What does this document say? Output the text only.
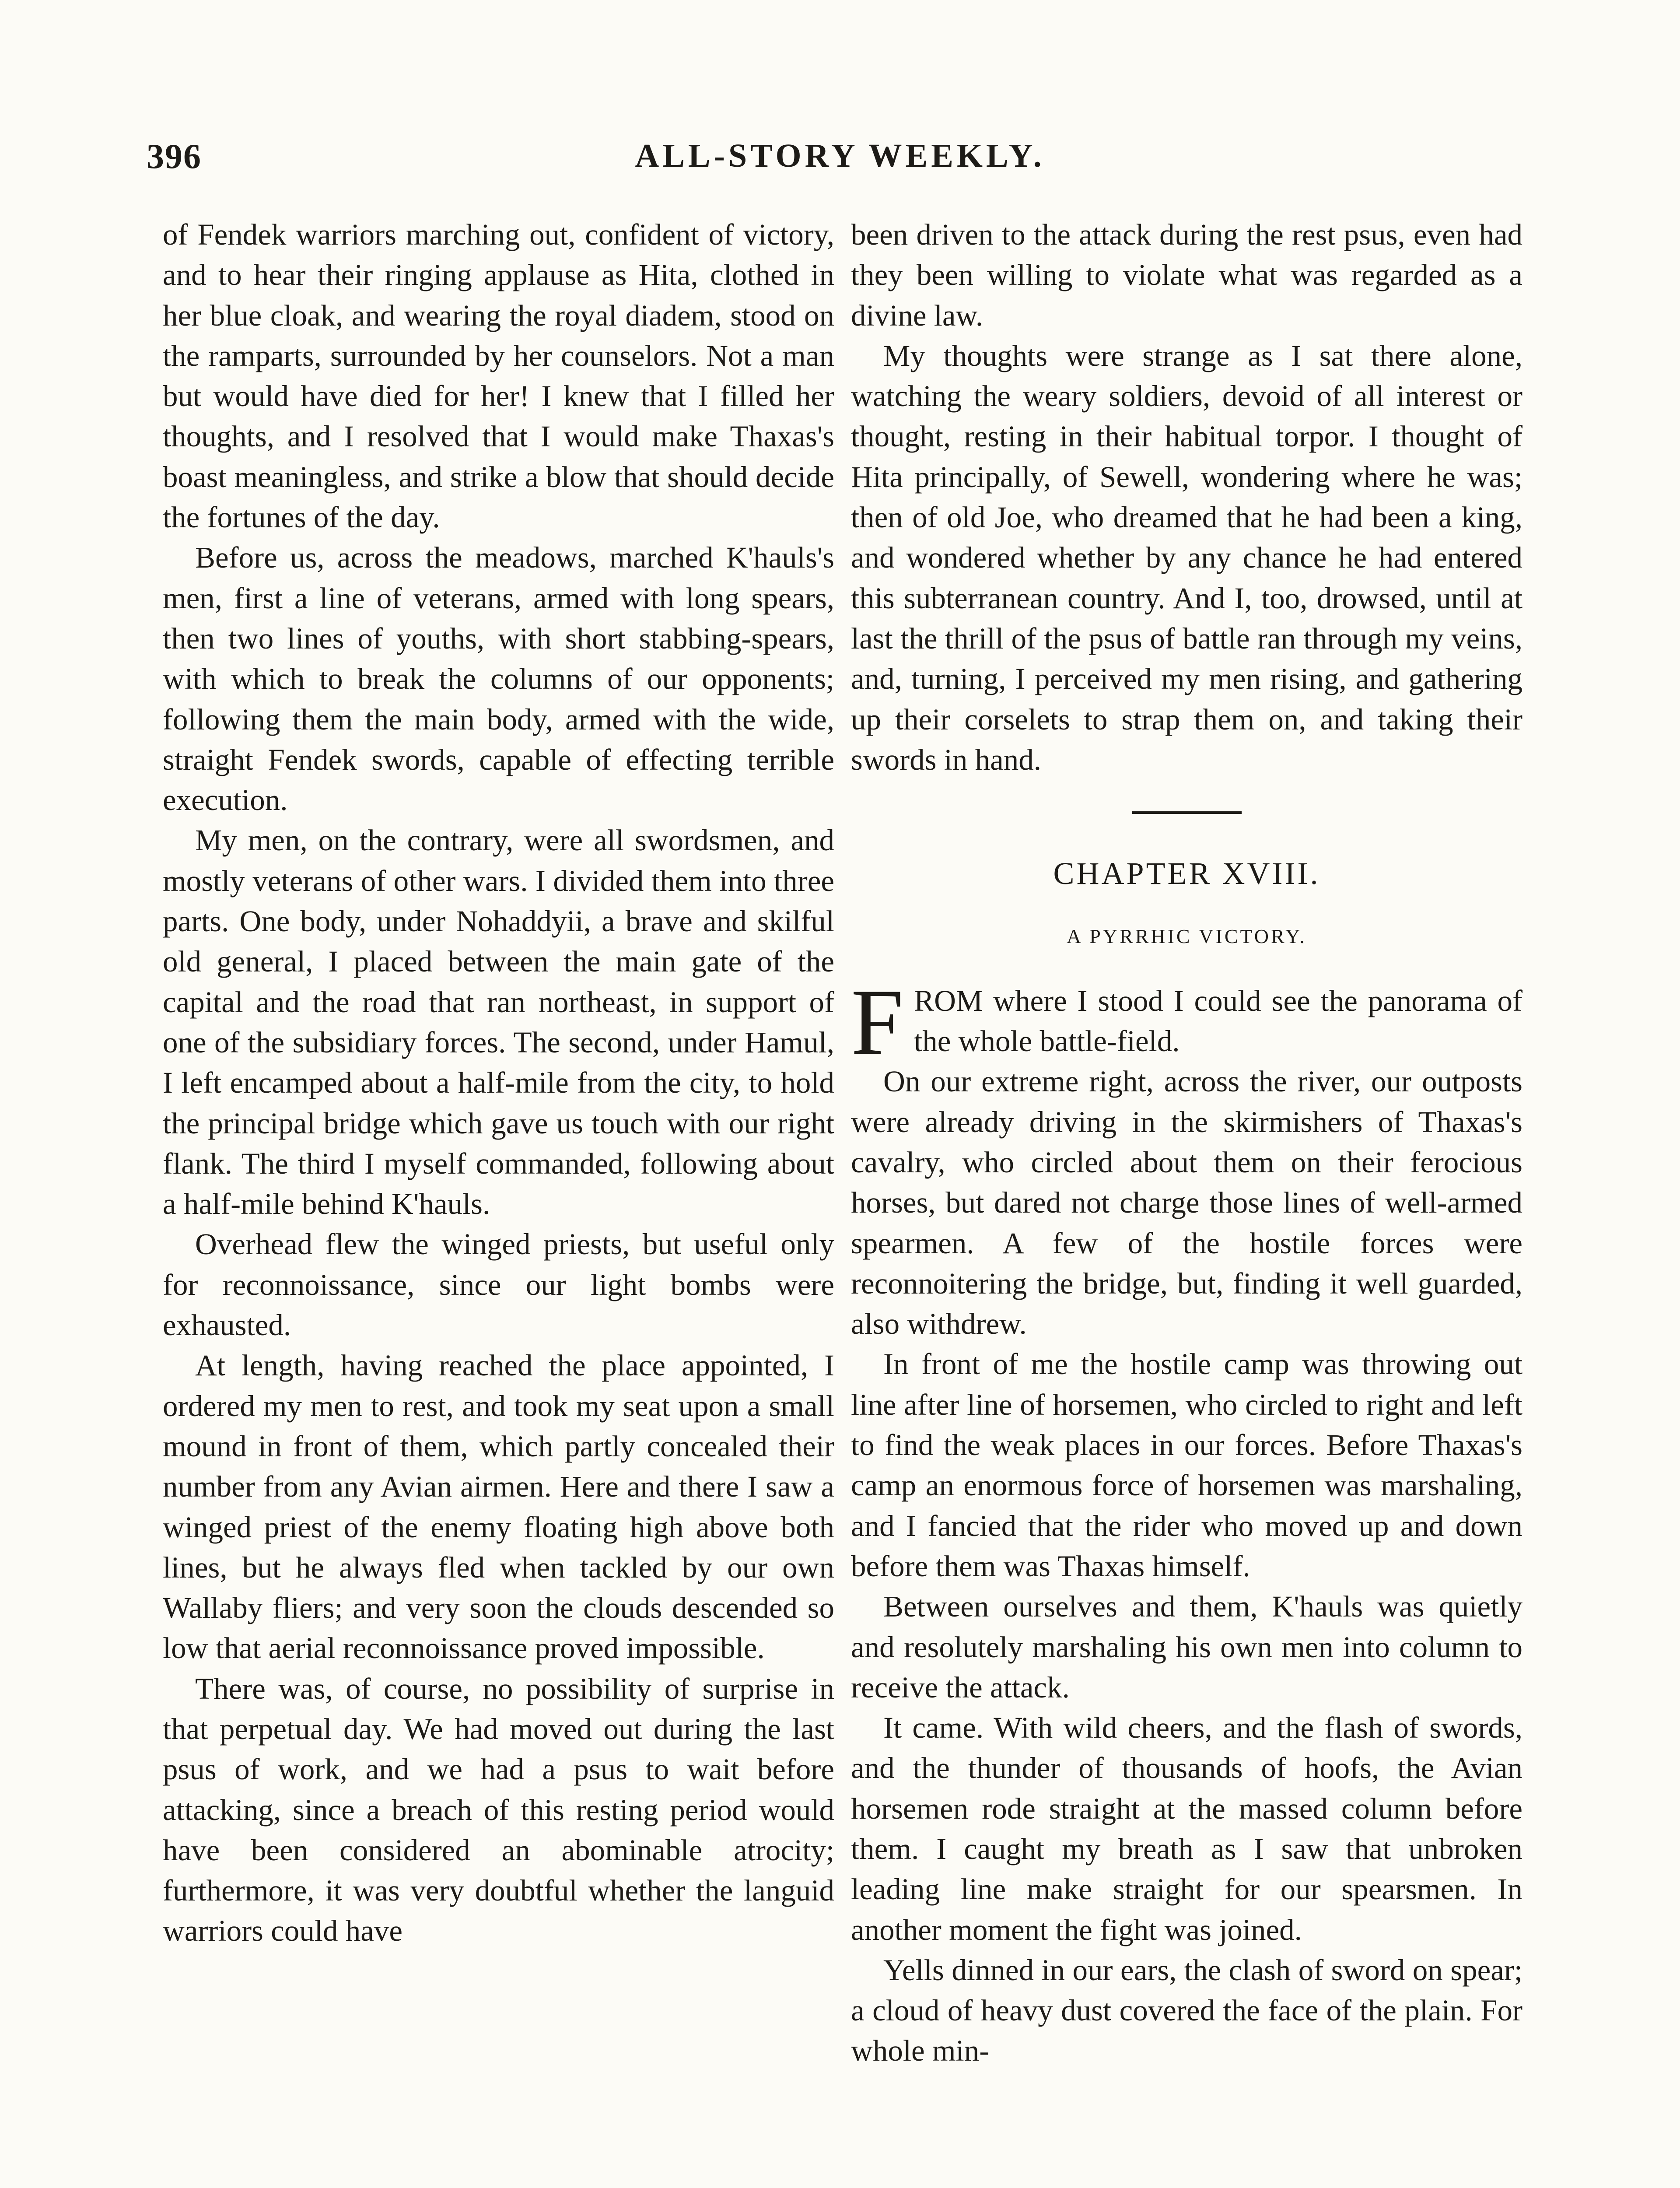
396	ALL-STORY WEEKLY.

of Fendek warriors marching out, confident of victory, and to hear their ringing applause as Hita, clothed in her blue cloak, and wearing the royal diadem, stood on the ramparts, surrounded by her counselors. Not a man but would have died for her! I knew that I filled her thoughts, and I resolved that I would make Thaxas's boast meaningless, and strike a blow that should decide the fortunes of the day.

Before us, across the meadows, marched K'hauls's men, first a line of veterans, armed with long spears, then two lines of youths, with short stabbing-spears, with which to break the columns of our opponents; following them the main body, armed with the wide, straight Fendek swords, capable of effecting terrible execution.

My men, on the contrary, were all swordsmen, and mostly veterans of other wars. I divided them into three parts. One body, under Nohaddyii, a brave and skilful old general, I placed between the main gate of the capital and the road that ran northeast, in support of one of the subsidiary forces. The second, under Hamul, I left encamped about a half-mile from the city, to hold the principal bridge which gave us touch with our right flank. The third I myself commanded, following about a half-mile behind K'hauls.

Overhead flew the winged priests, but useful only for reconnoissance, since our light bombs were exhausted.

At length, having reached the place appointed, I ordered my men to rest, and took my seat upon a small mound in front of them, which partly concealed their number from any Avian airmen. Here and there I saw a winged priest of the enemy floating high above both lines, but he always fled when tackled by our own Wallaby fliers; and very soon the clouds descended so low that aerial reconnoissance proved impossible.

There was, of course, no possibility of surprise in that perpetual day. We had moved out during the last psus of work, and we had a psus to wait before attacking, since a breach of this resting period would have been considered an abominable atrocity; furthermore, it was very doubtful whether the languid warriors could have

been driven to the attack during the rest psus, even had they been willing to violate what was regarded as a divine law.

My thoughts were strange as I sat there alone, watching the weary soldiers, devoid of all interest or thought, resting in their habitual torpor. I thought of Hita principally, of Sewell, wondering where he was; then of old Joe, who dreamed that he had been a king, and wondered whether by any chance he had entered this subterranean country. And I, too, drowsed, until at last the thrill of the psus of battle ran through my veins, and, turning, I perceived my men rising, and gathering up their corselets to strap them on, and taking their swords in hand.

CHAPTER XVIII.
A PYRRHIC VICTORY.

FROM where I stood I could see the panorama of the whole battle-field.

On our extreme right, across the river, our outposts were already driving in the skirmishers of Thaxas's cavalry, who circled about them on their ferocious horses, but dared not charge those lines of well-armed spearmen. A few of the hostile forces were reconnoitering the bridge, but, finding it well guarded, also withdrew.

In front of me the hostile camp was throwing out line after line of horsemen, who circled to right and left to find the weak places in our forces. Before Thaxas's camp an enormous force of horsemen was marshaling, and I fancied that the rider who moved up and down before them was Thaxas himself.

Between ourselves and them, K'hauls was quietly and resolutely marshaling his own men into column to receive the attack.

It came. With wild cheers, and the flash of swords, and the thunder of thousands of hoofs, the Avian horsemen rode straight at the massed column before them. I caught my breath as I saw that unbroken leading line make straight for our spearsmen. In another moment the fight was joined.

Yells dinned in our ears, the clash of sword on spear; a cloud of heavy dust covered the face of the plain. For whole min-
